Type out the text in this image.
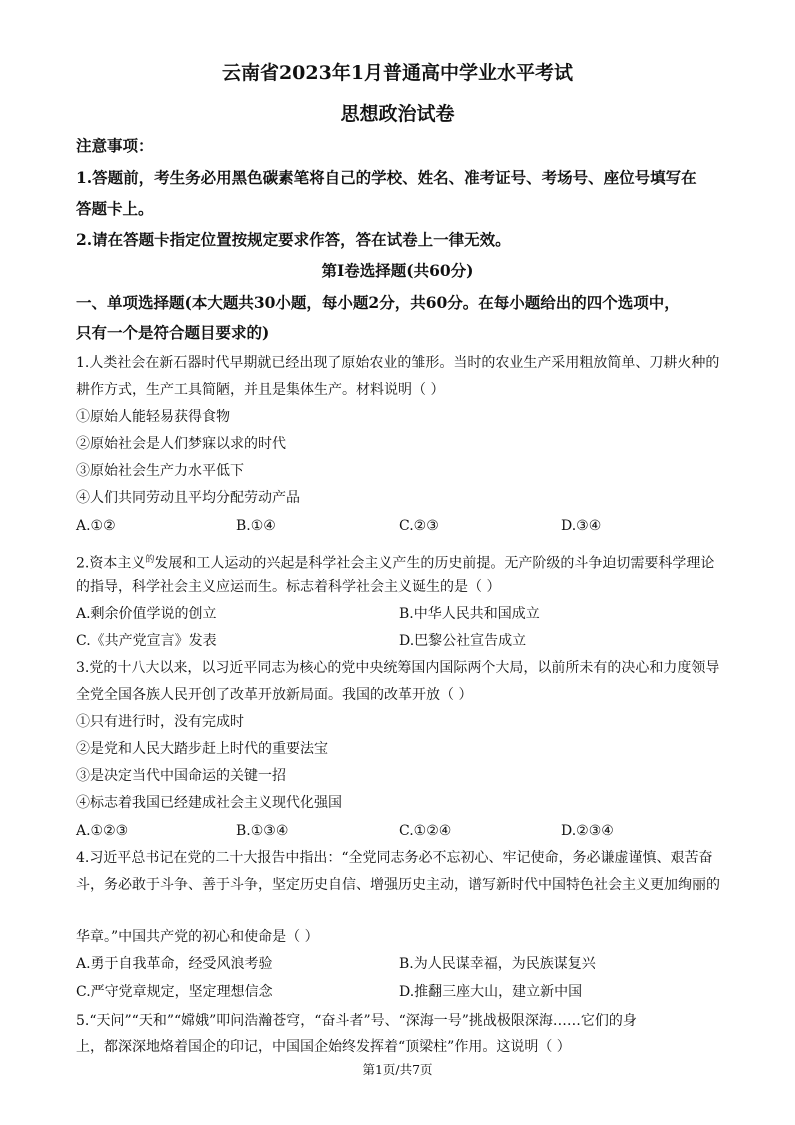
云南省2023年1月普通高中学业水平考试
思想政治试卷
注意事项：
1.答题前，考生务必用黑色碳素笔将自己的学校、姓名、准考证号、考场号、座位号填写在
答题卡上。
2.请在答题卡指定位置按规定要求作答，答在试卷上一律无效。
第Ⅰ卷选择题(共60分)
一、单项选择题(本大题共30小题，每小题2分，共60分。在每小题给出的四个选项中，
只有一个是符合题目要求的)
1.人类社会在新石器时代早期就已经出现了原始农业的雏形。当时的农业生产采用粗放简单、刀耕火种的
耕作方式，生产工具简陋，并且是集体生产。材料说明（ ）
①原始人能轻易获得食物
②原始社会是人们梦寐以求的时代
③原始社会生产力水平低下
④人们共同劳动且平均分配劳动产品
A.①②	B.①④	C.②③	D.③④
2.资本主义$^的$发展和工人运动的兴起是科学社会主义产生的历史前提。无产阶级的斗争迫切需要科学理论
的指导，科学社会主义应运而生。标志着科学社会主义诞生的是（ ）
A.剩余价值学说的创立	B.中华人民共和国成立
C.《共产党宣言》发表	D.巴黎公社宣告成立
3.党的十八大以来，以习近平同志为核心的党中央统筹国内国际两个大局，以前所未有的决心和力度领导
全党全国各族人民开创了改革开放新局面。我国的改革开放（ ）
①只有进行时，没有完成时
②是党和人民大踏步赶上时代的重要法宝
③是决定当代中国命运的关键一招
④标志着我国已经建成社会主义现代化强国
A.①②③	B.①③④	C.①②④	D.②③④
4.习近平总书记在党的二十大报告中指出：“全党同志务必不忘初心、牢记使命，务必谦虚谨慎、艰苦奋
斗，务必敢于斗争、善于斗争，坚定历史自信、增强历史主动，谱写新时代中国特色社会主义更加绚丽的
华章。”中国共产党的初心和使命是（ ）
A.勇于自我革命，经受风浪考验	B.为人民谋幸福，为民族谋复兴
C.严守党章规定，坚定理想信念	D.推翻三座大山，建立新中国
5.“天问”“天和”“嫦娥”叩问浩瀚苍穹，“奋斗者”号、“深海一号”挑战极限深海……它们的身
上，都深深地烙着国企的印记，中国国企始终发挥着“顶梁柱”作用。这说明（ ）
第1页/共7页
